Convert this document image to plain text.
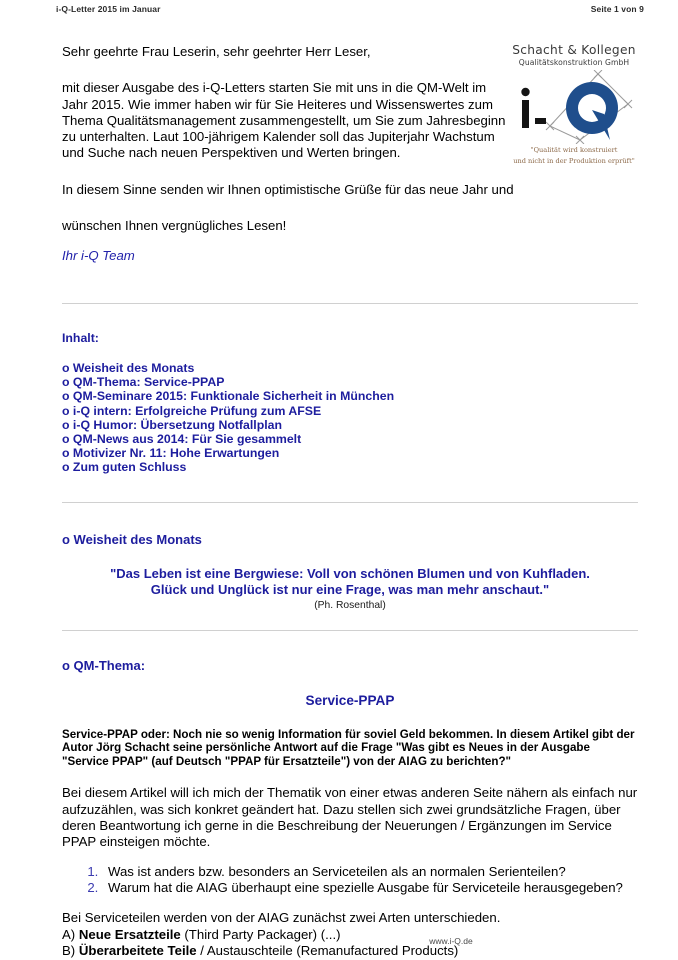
i-Q-Letter 2015 im Januar	Seite 1 von 9
Schacht & Kollegen
Qualitätskonstruktion GmbH
"Qualität wird konstruiert
und nicht in der Produktion erprüft"

Sehr geehrte Frau Leserin, sehr geehrter Herr Leser,

mit dieser Ausgabe des i-Q-Letters starten Sie mit uns in die QM-Welt im Jahr 2015. Wie immer haben wir für Sie Heiteres und Wissenswertes zum Thema Qualitätsmanagement zusammengestellt, um Sie zum Jahresbeginn zu unterhalten. Laut 100-jährigem Kalender soll das Jupiterjahr Wachstum und Suche nach neuen Perspektiven und Werten bringen.

In diesem Sinne senden wir Ihnen optimistische Grüße für das neue Jahr und

wünschen Ihnen vergnügliches Lesen!

Ihr i-Q Team

Inhalt:
o Weisheit des Monats
o QM-Thema: Service-PPAP
o QM-Seminare 2015: Funktionale Sicherheit in München
o i-Q intern: Erfolgreiche Prüfung zum AFSE
o i-Q Humor: Übersetzung Notfallplan
o QM-News aus 2014: Für Sie gesammelt
o Motivizer Nr. 11: Hohe Erwartungen
o Zum guten Schluss
o Weisheit des Monats
"Das Leben ist eine Bergwiese: Voll von schönen Blumen und von Kuhfladen.
Glück und Unglück ist nur eine Frage, was man mehr anschaut."
(Ph. Rosenthal)
o QM-Thema:
Service-PPAP
Service-PPAP oder: Noch nie so wenig Information für soviel Geld bekommen. In diesem Artikel gibt der Autor Jörg Schacht seine persönliche Antwort auf die Frage "Was gibt es Neues in der Ausgabe "Service PPAP" (auf Deutsch "PPAP für Ersatzteile") von der AIAG zu berichten?"

Bei diesem Artikel will ich mich der Thematik von einer etwas anderen Seite nähern als einfach nur aufzuzählen, was sich konkret geändert hat. Dazu stellen sich zwei grundsätzliche Fragen, über deren Beantwortung ich gerne in die Beschreibung der Neuerungen / Ergänzungen im Service PPAP einsteigen möchte.

1. Was ist anders bzw. besonders an Serviceteilen als an normalen Serienteilen?
2. Warum hat die AIAG überhaupt eine spezielle Ausgabe für Serviceteile herausgegeben?
Bei Serviceteilen werden von der AIAG zunächst zwei Arten unterschieden.
A) Neue Ersatzteile (Third Party Packager) (...)
B) Überarbeitete Teile / Austauschteile (Remanufactured Products)
www.i-Q.de
